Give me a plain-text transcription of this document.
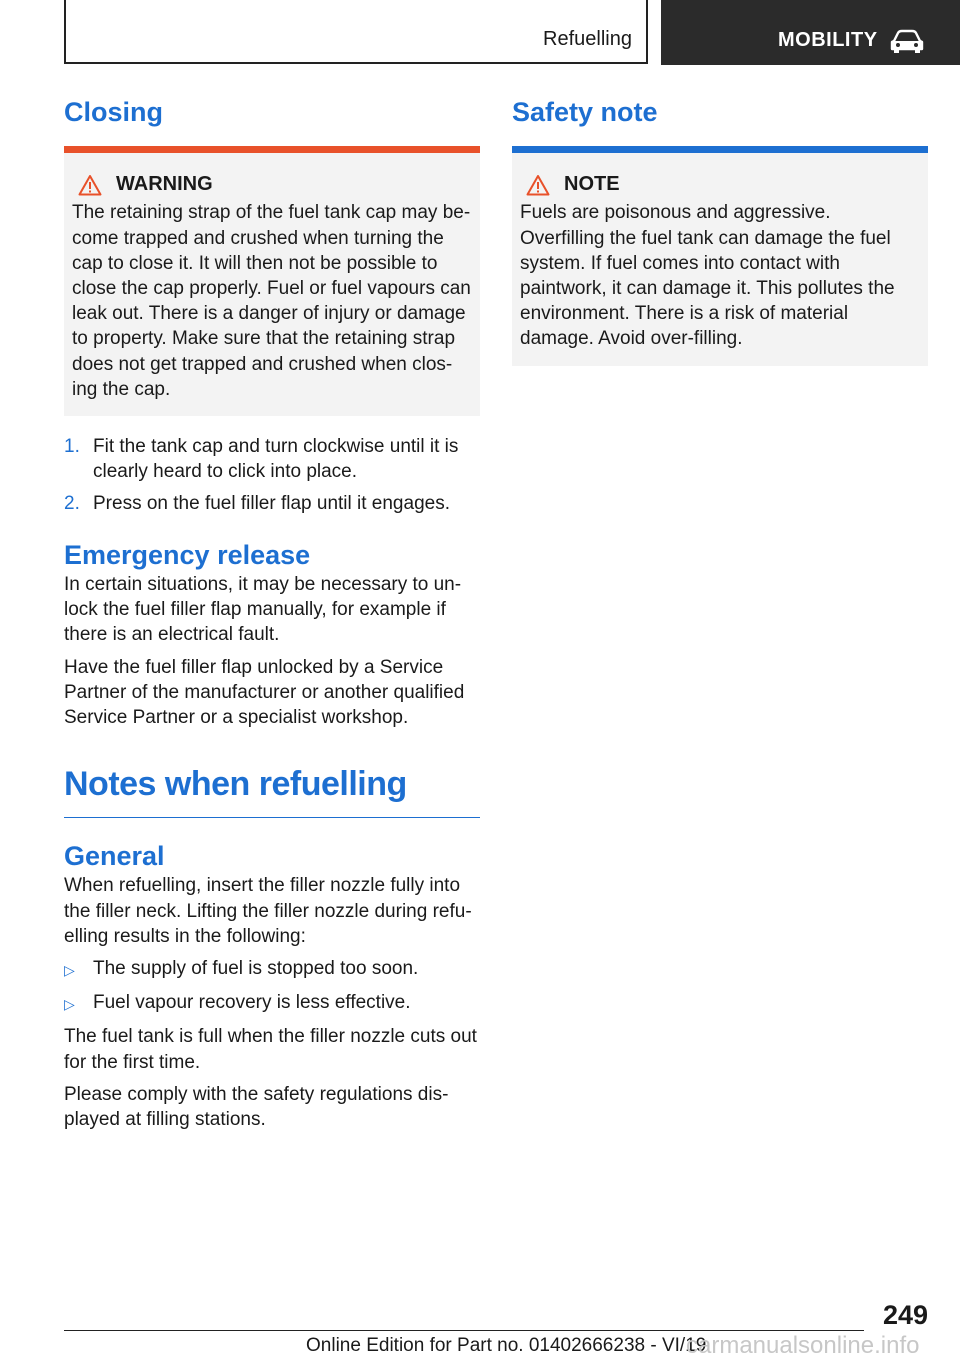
Refuelling	MOBILITY
Closing
WARNING

The retaining strap of the fuel tank cap may be-come trapped and crushed when turning the cap to close it. It will then not be possible to close the cap properly. Fuel or fuel vapours can leak out. There is a danger of injury or damage to property. Make sure that the retaining strap does not get trapped and crushed when clos-ing the cap.

1. Fit the tank cap and turn clockwise until it is clearly heard to click into place.
2. Press on the fuel filler flap until it engages.
Emergency release

In certain situations, it may be necessary to un-lock the fuel filler flap manually, for example if there is an electrical fault.

Have the fuel filler flap unlocked by a Service Partner of the manufacturer or another qualified Service Partner or a specialist workshop.

Notes when refuelling
General

When refuelling, insert the filler nozzle fully into the filler neck. Lifting the filler nozzle during refu-elling results in the following:

▷ The supply of fuel is stopped too soon.
▷ Fuel vapour recovery is less effective.

The fuel tank is full when the filler nozzle cuts out for the first time.

Please comply with the safety regulations dis-played at filling stations.

Safety note
NOTE

Fuels are poisonous and aggressive. Overfilling the fuel tank can damage the fuel system. If fuel comes into contact with paintwork, it can damage it. This pollutes the environment. There is a risk of material damage. Avoid over-filling.

249
Online Edition for Part no. 01402666238 - VI/19
carmanualsonline.info
